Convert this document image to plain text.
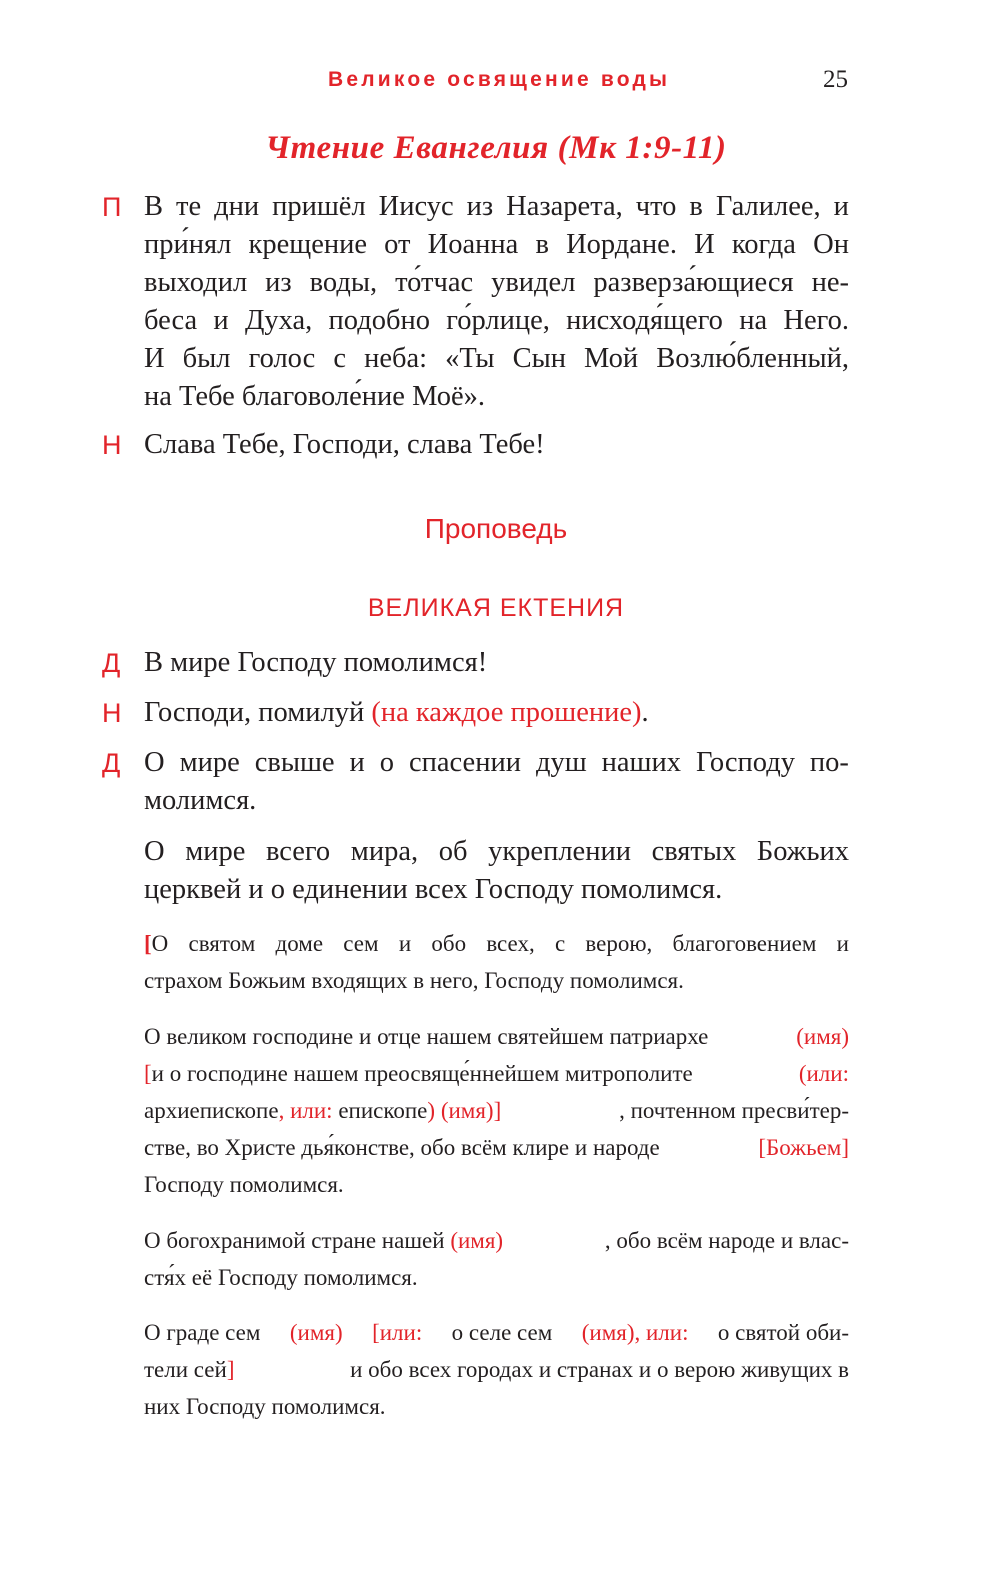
Великое освящение воды	25
Чтение Евангелия (Мк 1:9-11)
П В те дни пришёл Иисус из Назарета, что в Галилее, и
при́нял крещение от Иоанна в Иордане. И когда Он
выходил из воды, то́тчас увидел разверза́ющиеся не-
беса и Духа, подобно го́рлице, нисходя́щего на Него.
И был голос с неба: «Ты Сын Мой Возлю́бленный,
на Тебе благоволе́ние Моё».
Н Слава Тебе, Господи, слава Тебе!
Проповедь
ВЕЛИКАЯ ЕКТЕНИЯ
Д В мире Господу помолимся!
Н Господи, помилуй
(на каждое прошение) .
Д О мире свыше и о спасении душ наших Господу по-
молимся.
О мире всего мира, об укреплении святых Божьих
церквей и о единении всех Господу помолимся.
[ О святом доме сем и обо всех, с верою, благоговением и
страхом Божьим входящих в него, Господу помолимся.
О великом господине и отце нашем святейшем патриархе	(имя)
[и о господине нашем преосвяще́ннейшем митрополите	(или:
архиепископе, или: епископе) (имя)]	, почтенном пресви́тер-
стве, во Христе дья́констве, обо всём клире и народе	[Божьем]
Господу помолимся.
О богохранимой стране нашей (имя)	, обо всём народе и влас-
стя́х её Господу помолимся.
О граде сем (имя) [или: о селе сем (имя), или: о святой оби-
тели сей]	и обо всех городах и странах и о верою живущих в
них Господу помолимся.
